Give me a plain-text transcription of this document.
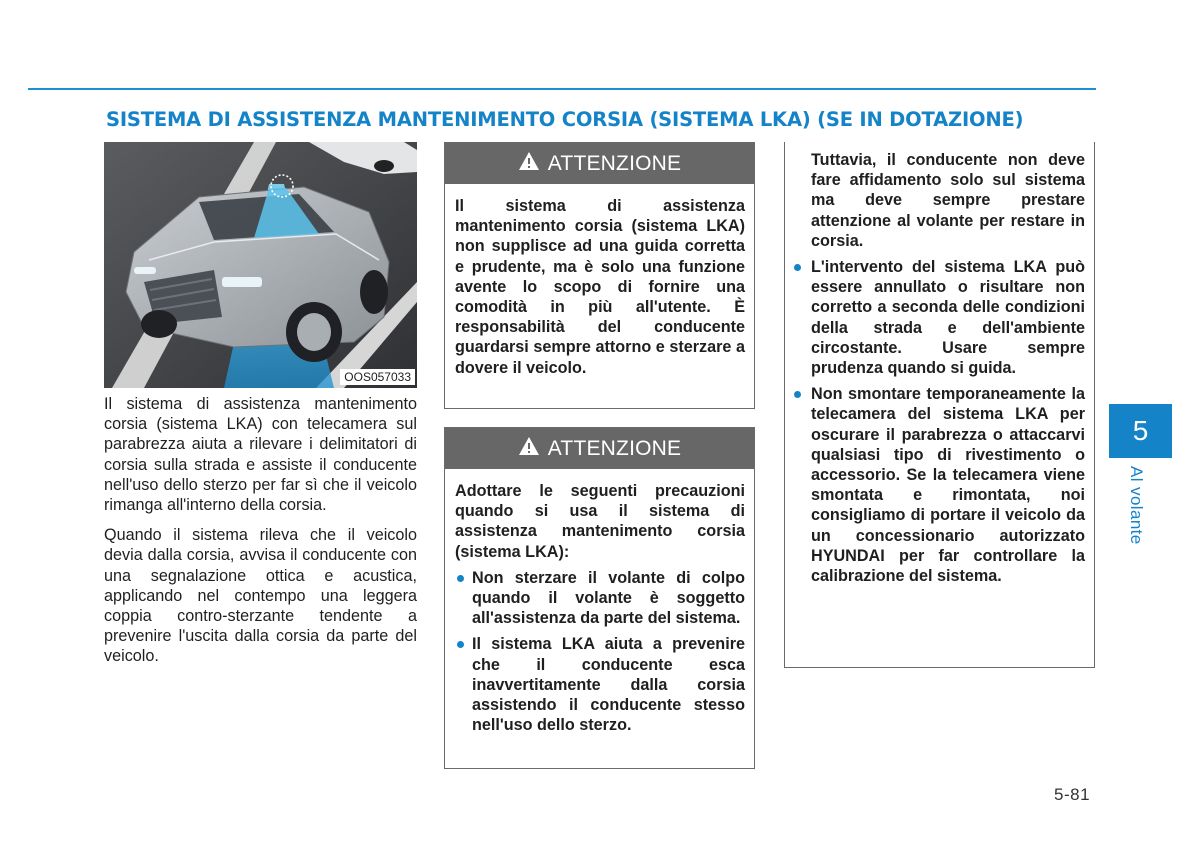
SISTEMA DI ASSISTENZA MANTENIMENTO CORSIA (SISTEMA LKA) (SE IN DOTAZIONE)
OOS057033

Il sistema di assistenza mantenimento corsia (sistema LKA) con telecamera sul parabrezza aiuta a rilevare i delimitatori di corsia sulla strada e assiste il conducente nell'uso dello sterzo per far sì che il veicolo rimanga all'interno della corsia.

Quando il sistema rileva che il veicolo devia dalla corsia, avvisa il conducente con una segnalazione ottica e acustica, applicando nel contempo una leggera coppia contro-sterzante tendente a prevenire l'uscita dalla corsia da parte del veicolo.

ATTENZIONE

Il sistema di assistenza mantenimento corsia (sistema LKA) non supplisce ad una guida corretta e prudente, ma è solo una funzione avente lo scopo di fornire una comodità in più all'utente. È responsabilità del conducente guardarsi sempre attorno e sterzare a dovere il veicolo.

ATTENZIONE

Adottare le seguenti precauzioni quando si usa il sistema di assistenza mantenimento corsia (sistema LKA):

Non sterzare il volante di colpo quando il volante è soggetto all'assistenza da parte del sistema.
Il sistema LKA aiuta a prevenire che il conducente esca inavvertitamente dalla corsia assistendo il conducente stesso nell'uso dello sterzo.

Tuttavia, il conducente non deve fare affidamento solo sul sistema ma deve sempre prestare attenzione al volante per restare in corsia.

L'intervento del sistema LKA può essere annullato o risultare non corretto a seconda delle condizioni della strada e dell'ambiente circostante. Usare sempre prudenza quando si guida.
Non smontare temporaneamente la telecamera del sistema LKA per oscurare il parabrezza o attaccarvi qualsiasi tipo di rivestimento o accessorio. Se la telecamera viene smontata e rimontata, noi consigliamo di portare il veicolo da un concessionario autorizzato HYUNDAI per far controllare la calibrazione del sistema.
5
Al volante
5-81
